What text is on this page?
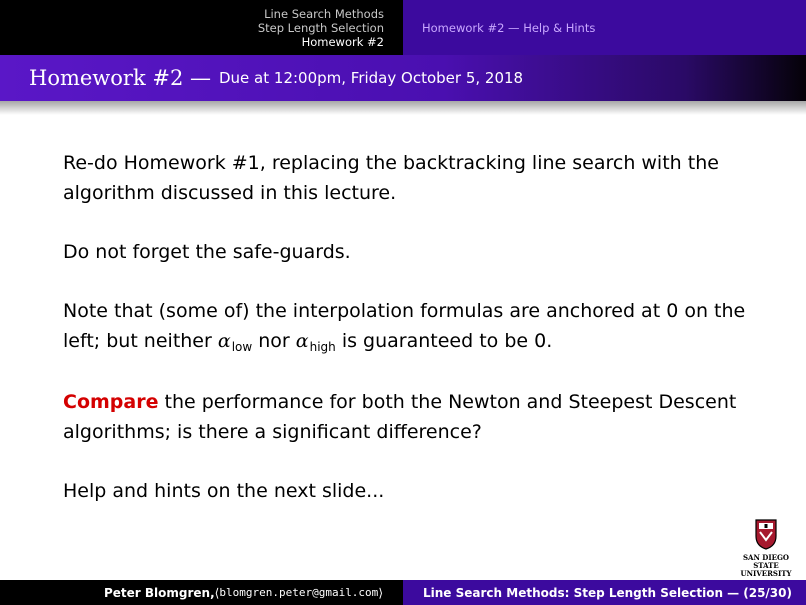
Line Search Methods
Step Length Selection
Homework #2
Homework #2 — Help & Hints
Homework #2 — Due at 12:00pm, Friday October 5, 2018

Re-do Homework #1, replacing the backtracking line search with the algorithm discussed in this lecture.

Do not forget the safe-guards.

Note that (some of) the interpolation formulas are anchored at 0 on the left; but neither $\alpha_{low}$ nor $\alpha_{high}$ is guaranteed to be 0.

Compare the performance for both the Newton and Steepest Descent algorithms; is there a significant difference?

Help and hints on the next slide...

SAN DIEGO STATE
UNIVERSITY
Peter Blomgren, ⟨ blomgren.peter@gmail.com ⟩	Line Search Methods: Step Length Selection — (25/30)
